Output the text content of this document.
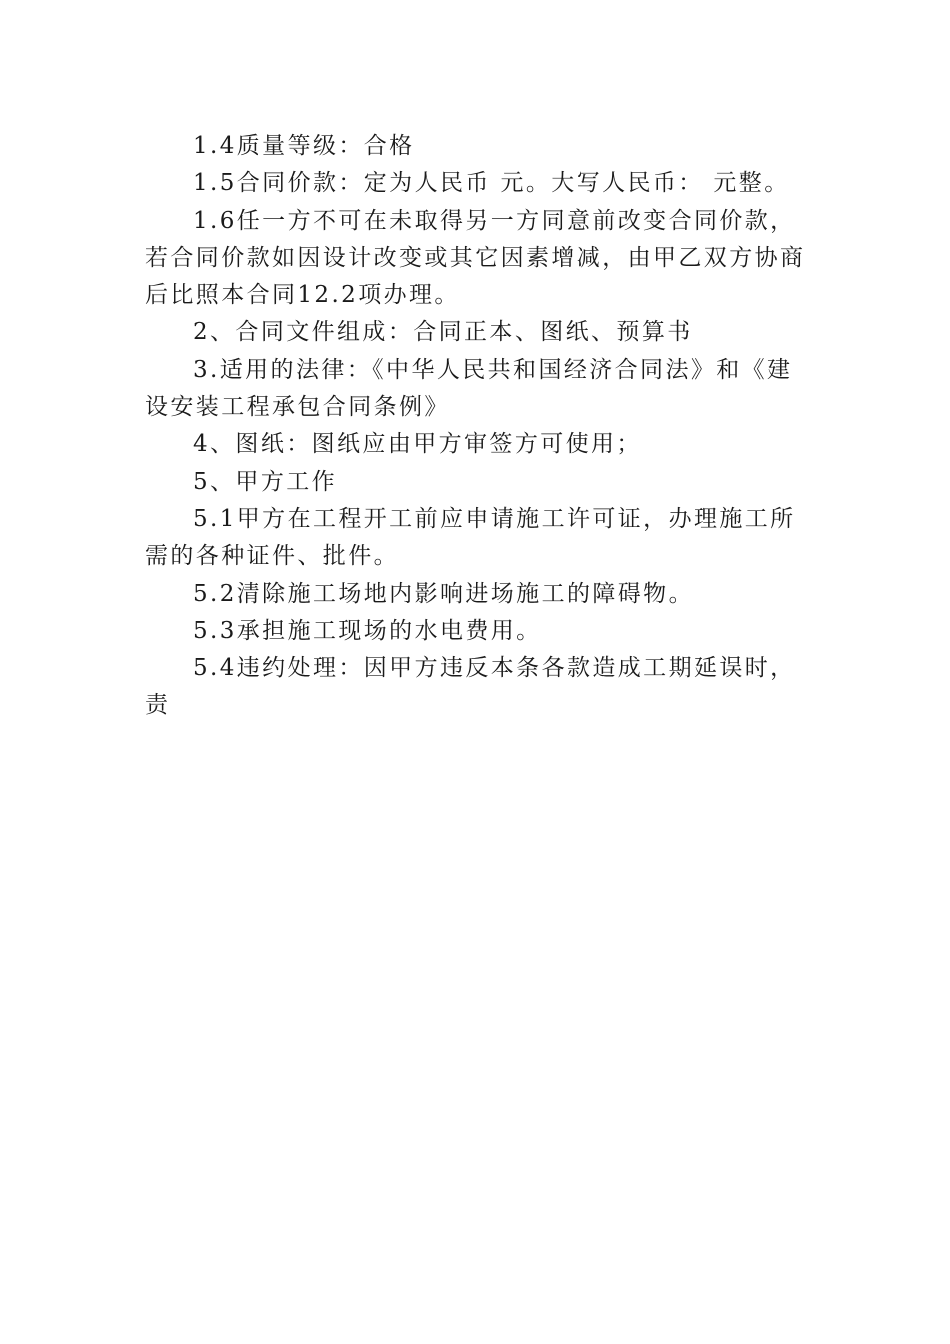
1.4质量等级：合格

1.5合同价款：定为人民币 元。大写人民币： 元整。

1.6任一方不可在未取得另一方同意前改变合同价款，若合同价款如因设计改变或其它因素增减，由甲乙双方协商后比照本合同12.2项办理。

2、合同文件组成：合同正本、图纸、预算书

3.适用的法律：《中华人民共和国经济合同法》和《建设安装工程承包合同条例》

4、图纸：图纸应由甲方审签方可使用；

5、甲方工作

5.1甲方在工程开工前应申请施工许可证，办理施工所需的各种证件、批件。

5.2清除施工场地内影响进场施工的障碍物。

5.3承担施工现场的水电费用。

5.4违约处理：因甲方违反本条各款造成工期延误时，责
